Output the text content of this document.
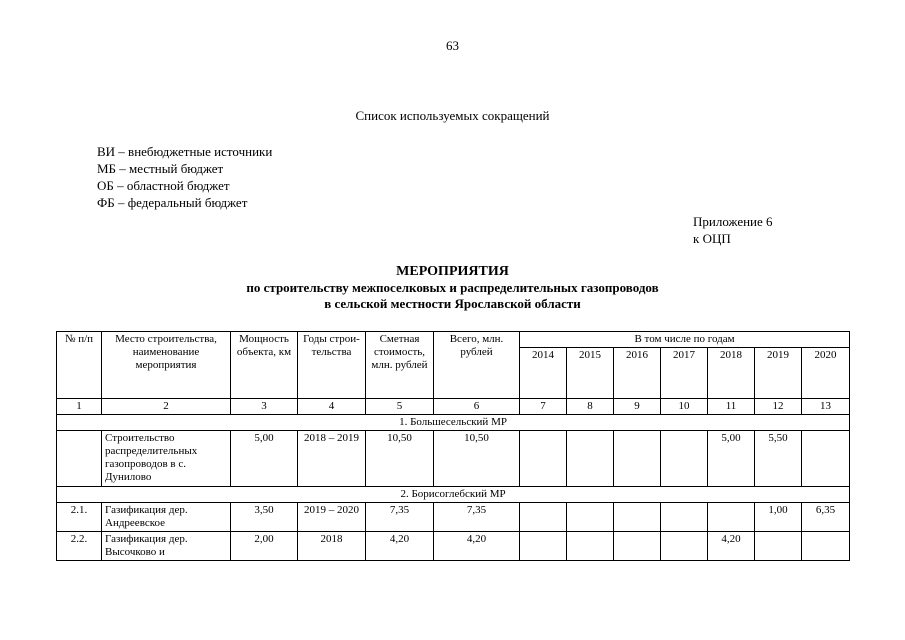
63
Список используемых сокращений
ВИ – внебюджетные источники
МБ – местный бюджет
ОБ – областной бюджет
ФБ – федеральный бюджет
Приложение 6
к ОЦП
МЕРОПРИЯТИЯ
по строительству межпоселковых и распределительных газопроводов
в сельской местности Ярославской области
№ п/п	Место строительства, наименование мероприятия	Мощность объекта, км	Годы строи-тельства	Сметная стоимость, млн. рублей	Всего, млн. рублей	В том числе по годам						
						2014	2015	2016	2017	2018	2019	2020
1	2	3	4	5	6	7	8	9	10	11	12	13
1. Большесельский МР												
	Строительство распределительных газопроводов в с. Дунилово	5,00	2018 – 2019	10,50	10,50					5,00	5,50	
2. Борисоглебский МР												
2.1.	Газификация дер. Андреевское	3,50	2019 – 2020	7,35	7,35						1,00	6,35
2.2.	Газификация дер. Высочково и	2,00	2018	4,20	4,20					4,20		
